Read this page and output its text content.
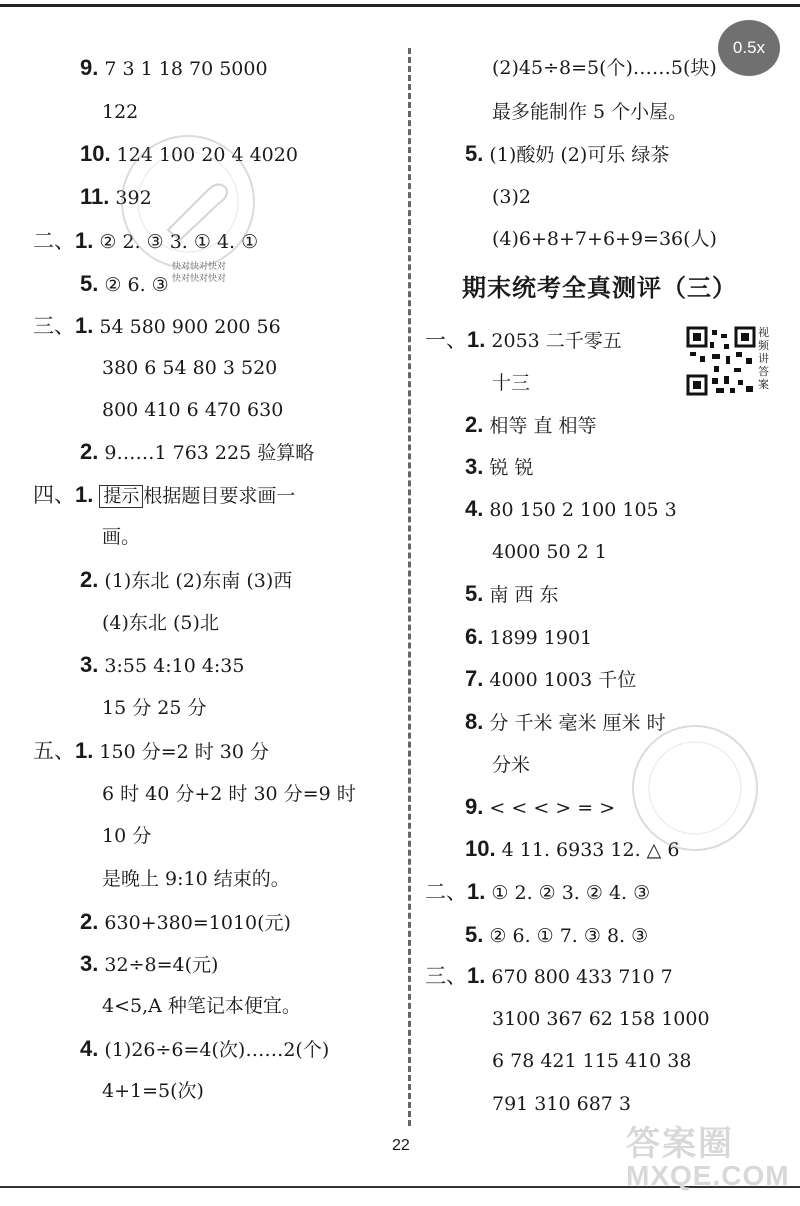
0.5x
9. 7 3 1 18 70 5000
122
10. 124 100 20 4 4020
11. 392
二、1. ② 2. ③ 3. ① 4. ①
5. ② 6. ③
三、1. 54 580 900 200 56
380 6 54 80 3 520
800 410 6 470 630
2. 9……1 763 225 验算略
四、1. 提示 根据题目要求画一
画。
2. (1)东北 (2)东南 (3)西
(4)东北 (5)北
3. 3:55 4:10 4:35
15 分 25 分
五、1. 150 分=2 时 30 分
6 时 40 分+2 时 30 分=9 时
10 分
是晚上 9:10 结束的。
2. 630+380=1010(元)
3. 32÷8=4(元)
4<5,A 种笔记本便宜。
4. (1)26÷6=4(次)……2(个)
4+1=5(次)
快对快对快对
快对快对快对
(2)45÷8=5(个)……5(块)
最多能制作 5 个小屋。
5. (1)酸奶 (2)可乐 绿茶
(3)2
(4)6+8+7+6+9=36(人)
期末统考全真测评（三）
视频讲答案
一、1. 2053 二千零五
十三
2. 相等 直 相等
3. 锐 锐
4. 80 150 2 100 105 3
4000 50 2 1
5. 南 西 东
6. 1899 1901
7. 4000 1003 千位
8. 分 千米 毫米 厘米 时
分米
9. < < < > = >
10. 4 11. 6933 12. △ 6
二、1. ① 2. ② 3. ② 4. ③
5. ② 6. ① 7. ③ 8. ③
三、1. 670 800 433 710 7
3100 367 62 158 1000
6 78 421 115 410 38
791 310 687 3
22	答案圈
MXQE.COM
